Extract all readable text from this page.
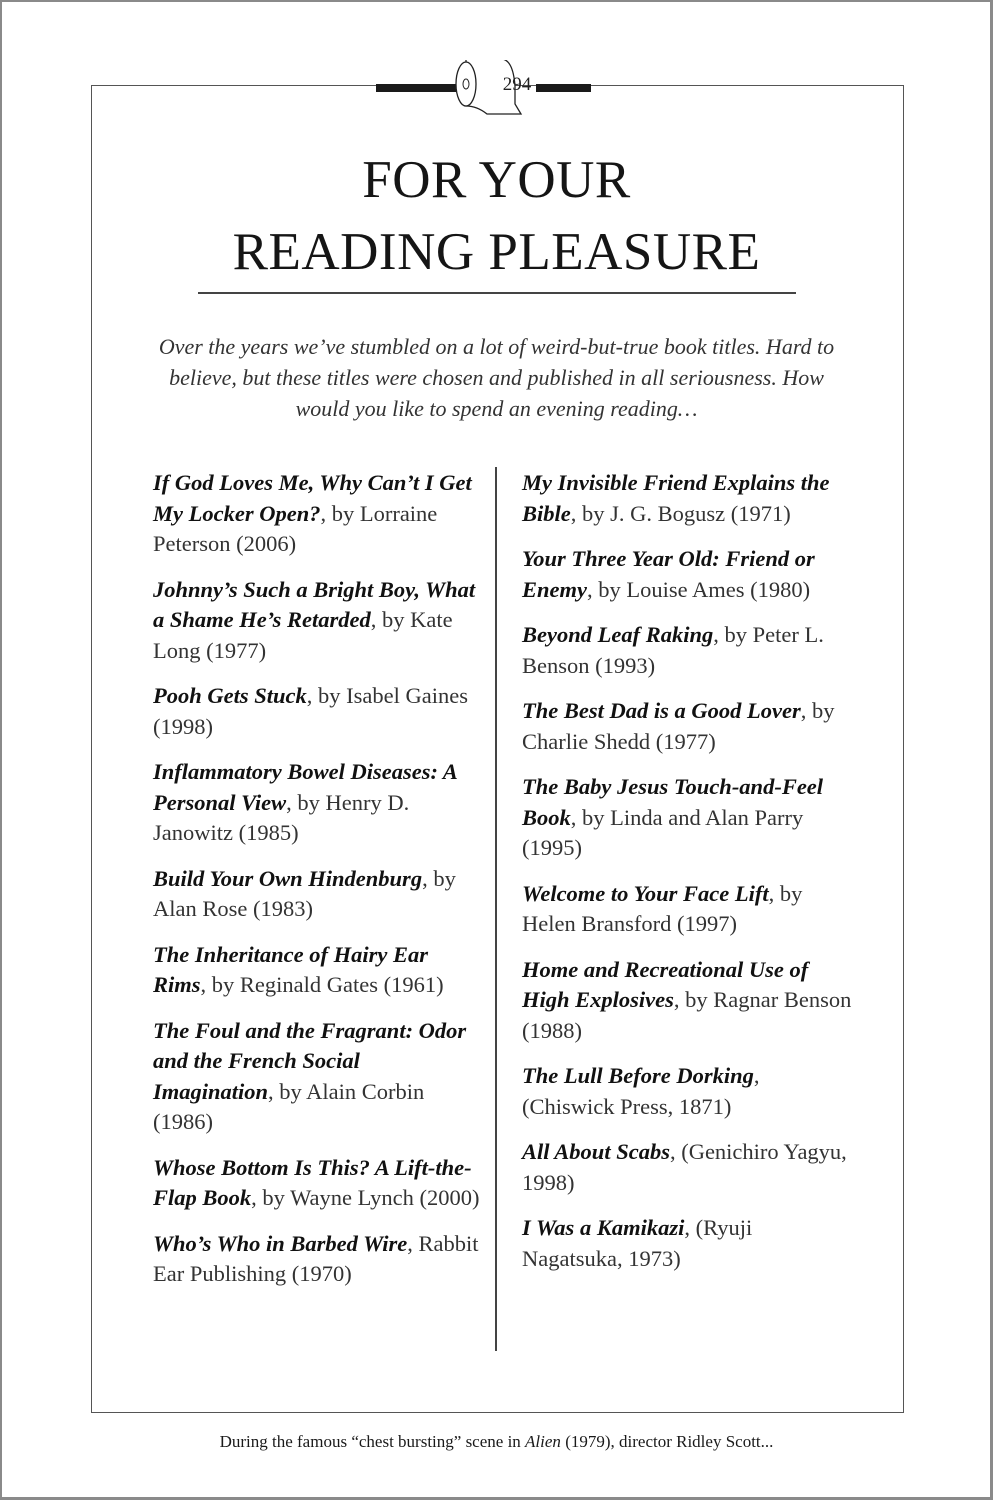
294
FOR YOUR
READING PLEASURE
Over the years we’ve stumbled on a lot of weird-but-true book titles. Hard to believe, but these titles were chosen and published in all seriousness. How would you like to spend an evening reading…
If God Loves Me, Why Can’t I Get My Locker Open?, by Lorraine Peterson (2006)
Johnny’s Such a Bright Boy, What a Shame He’s Retarded, by Kate Long (1977)
Pooh Gets Stuck, by Isabel Gaines (1998)
Inflammatory Bowel Diseases: A Personal View, by Henry D. Janowitz (1985)
Build Your Own Hindenburg, by Alan Rose (1983)
The Inheritance of Hairy Ear Rims, by Reginald Gates (1961)
The Foul and the Fragrant: Odor and the French Social Imagination, by Alain Corbin (1986)
Whose Bottom Is This? A Lift-the-Flap Book, by Wayne Lynch (2000)
Who’s Who in Barbed Wire, Rabbit Ear Publishing (1970)
My Invisible Friend Explains the Bible, by J. G. Bogusz (1971)
Your Three Year Old: Friend or Enemy, by Louise Ames (1980)
Beyond Leaf Raking, by Peter L. Benson (1993)
The Best Dad is a Good Lover, by Charlie Shedd (1977)
The Baby Jesus Touch-and-Feel Book, by Linda and Alan Parry (1995)
Welcome to Your Face Lift, by Helen Bransford (1997)
Home and Recreational Use of High Explosives, by Ragnar Benson (1988)
The Lull Before Dorking, (Chiswick Press, 1871)
All About Scabs, (Genichiro Yagyu, 1998)
I Was a Kamikazi, (Ryuji Nagatsuka, 1973)
During the famous “chest bursting” scene in Alien (1979), director Ridley Scott...
